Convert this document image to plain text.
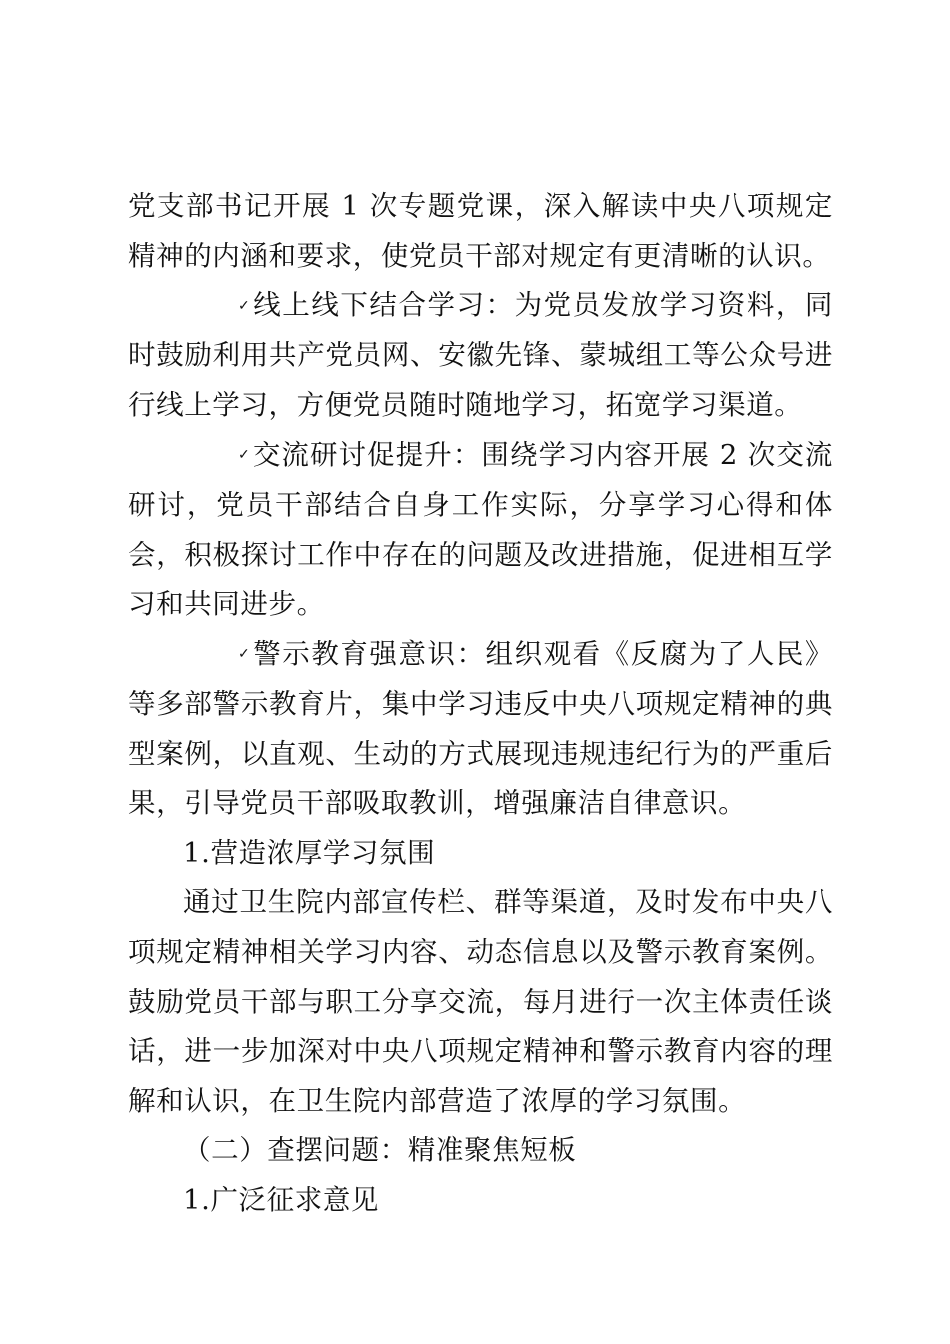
党支部书记开展 1 次专题党课，深入解读中央八项规定精神的内涵和要求，使党员干部对规定有更清晰的认识。

✓线上线下结合学习：为党员发放学习资料，同时鼓励利用共产党员网、安徽先锋、蒙城组工等公众号进行线上学习，方便党员随时随地学习，拓宽学习渠道。

✓交流研讨促提升：围绕学习内容开展 2 次交流研讨，党员干部结合自身工作实际，分享学习心得和体会，积极探讨工作中存在的问题及改进措施，促进相互学习和共同进步。

✓警示教育强意识：组织观看《反腐为了人民》等多部警示教育片，集中学习违反中央八项规定精神的典型案例，以直观、生动的方式展现违规违纪行为的严重后果，引导党员干部吸取教训，增强廉洁自律意识。

1.营造浓厚学习氛围

通过卫生院内部宣传栏、群等渠道，及时发布中央八项规定精神相关学习内容、动态信息以及警示教育案例。鼓励党员干部与职工分享交流，每月进行一次主体责任谈话，进一步加深对中央八项规定精神和警示教育内容的理解和认识，在卫生院内部营造了浓厚的学习氛围。

（二）查摆问题：精准聚焦短板

1.广泛征求意见
